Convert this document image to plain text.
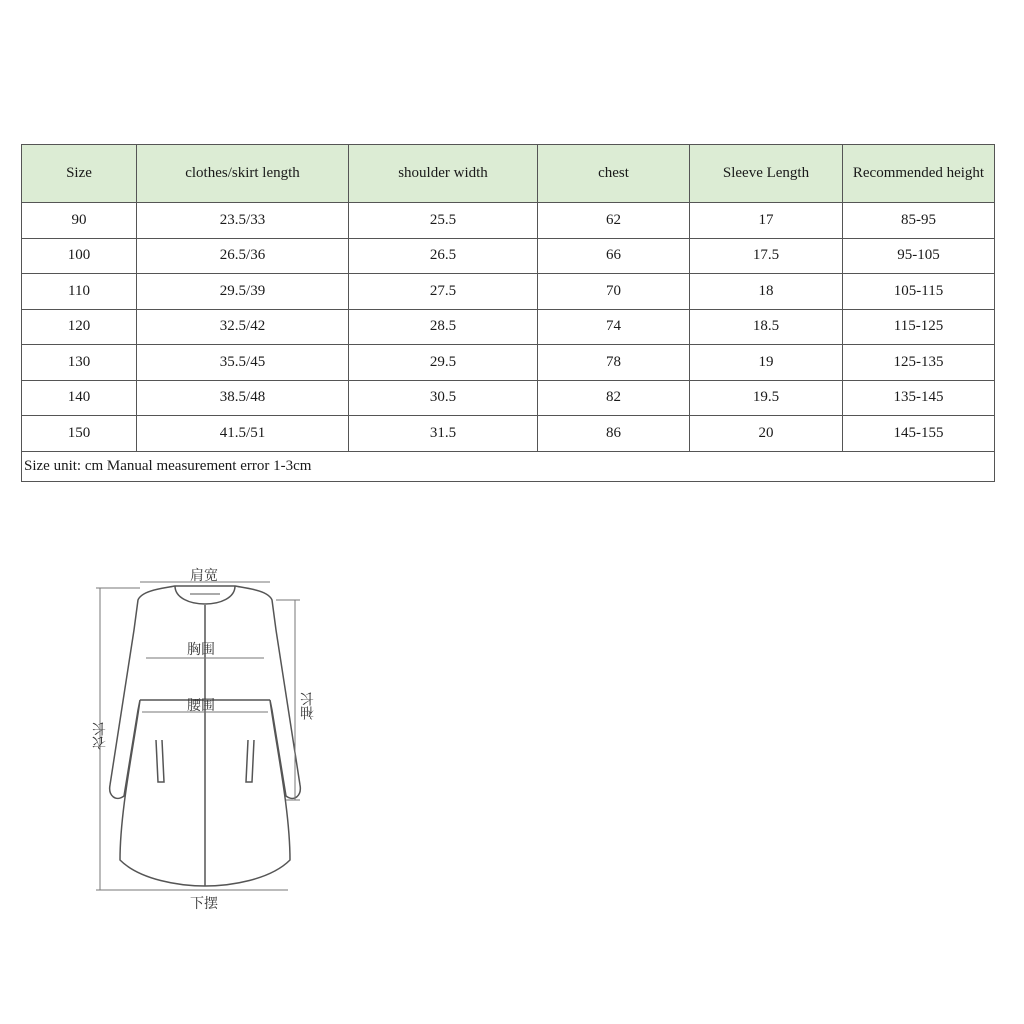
Size	clothes/skirt length	shoulder width	chest	Sleeve Length	Recommended height
90	23.5/33	25.5	62	17	85-95
100	26.5/36	26.5	66	17.5	95-105
110	29.5/39	27.5	70	18	105-115
120	32.5/42	28.5	74	18.5	115-125
130	35.5/45	29.5	78	19	125-135
140	38.5/48	30.5	82	19.5	135-145
150	41.5/51	31.5	86	20	145-155
Size unit: cm Manual measurement error 1-3cm					
肩宽
胸围
腰围
衣长
袖长
下摆
